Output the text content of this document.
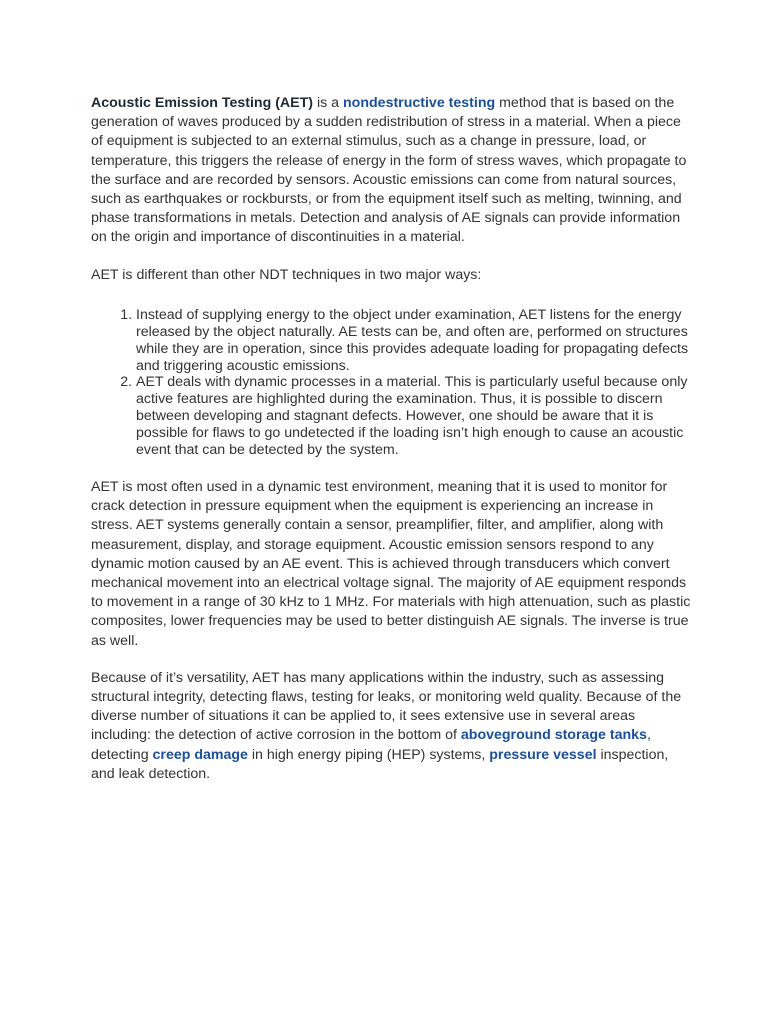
Acoustic Emission Testing (AET) is a nondestructive testing method that is based on the generation of waves produced by a sudden redistribution of stress in a material. When a piece of equipment is subjected to an external stimulus, such as a change in pressure, load, or temperature, this triggers the release of energy in the form of stress waves, which propagate to the surface and are recorded by sensors. Acoustic emissions can come from natural sources, such as earthquakes or rockbursts, or from the equipment itself such as melting, twinning, and phase transformations in metals. Detection and analysis of AE signals can provide information on the origin and importance of discontinuities in a material.

AET is different than other NDT techniques in two major ways:

1. Instead of supplying energy to the object under examination, AET listens for the energy released by the object naturally. AE tests can be, and often are, performed on structures while they are in operation, since this provides adequate loading for propagating defects and triggering acoustic emissions.
2. AET deals with dynamic processes in a material. This is particularly useful because only active features are highlighted during the examination. Thus, it is possible to discern between developing and stagnant defects. However, one should be aware that it is possible for flaws to go undetected if the loading isn’t high enough to cause an acoustic event that can be detected by the system.

AET is most often used in a dynamic test environment, meaning that it is used to monitor for crack detection in pressure equipment when the equipment is experiencing an increase in stress. AET systems generally contain a sensor, preamplifier, filter, and amplifier, along with measurement, display, and storage equipment. Acoustic emission sensors respond to any dynamic motion caused by an AE event. This is achieved through transducers which convert mechanical movement into an electrical voltage signal. The majority of AE equipment responds to movement in a range of 30 kHz to 1 MHz. For materials with high attenuation, such as plastic composites, lower frequencies may be used to better distinguish AE signals. The inverse is true as well.

Because of it’s versatility, AET has many applications within the industry, such as assessing structural integrity, detecting flaws, testing for leaks, or monitoring weld quality. Because of the diverse number of situations it can be applied to, it sees extensive use in several areas including: the detection of active corrosion in the bottom of aboveground storage tanks, detecting creep damage in high energy piping (HEP) systems, pressure vessel inspection, and leak detection.
